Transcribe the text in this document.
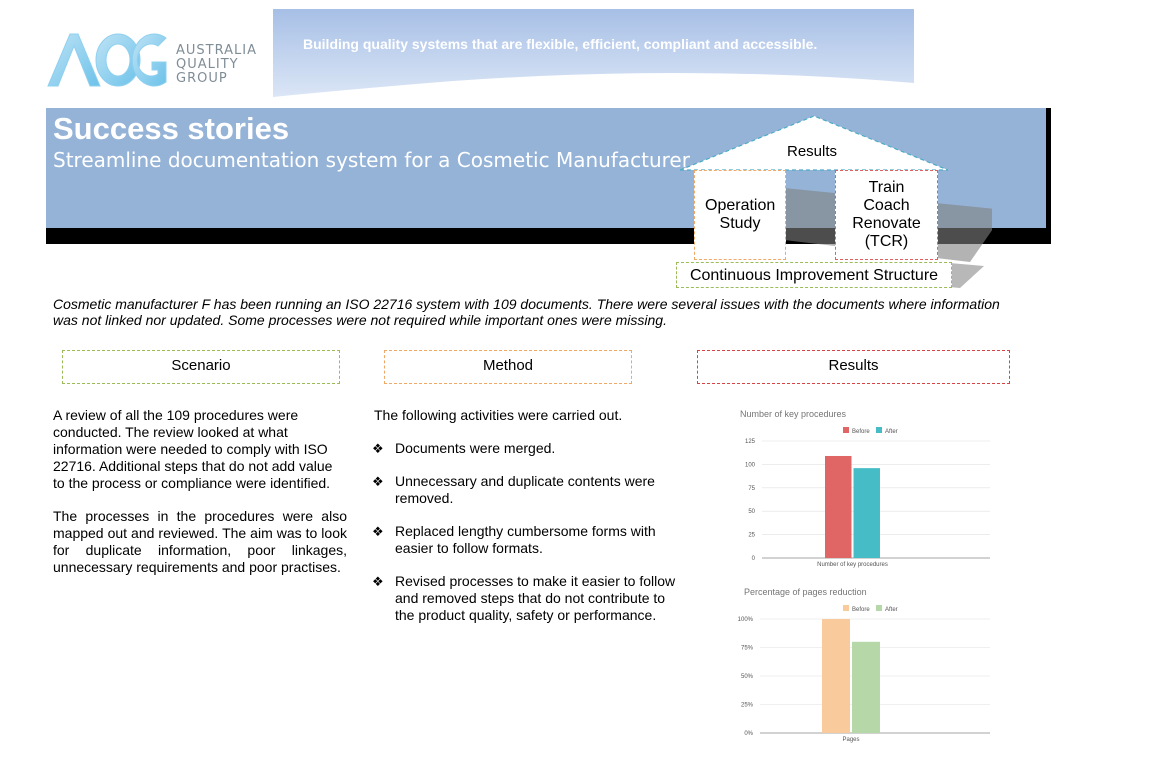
AUSTRALIA
QUALITY
GROUP
Building quality systems that are flexible, efficient, compliant and accessible.
Success stories
Streamline documentation system for a Cosmetic Manufacturer	Results
Operation Study
Train
Coach
Renovate
(TCR)
Continuous Improvement Structure
Cosmetic manufacturer F has been running an ISO 22716 system with 109 documents. There were several issues with the documents where information was not linked nor updated. Some processes were not required while important ones were missing.
Scenario	Method	Results
A review of all the 109 procedures were conducted. The review looked at what information were needed to comply with ISO 22716. Additional steps that do not add value to the process or compliance were identified.
The processes in the procedures were also mapped out and reviewed. The aim was to look for duplicate information, poor linkages, unnecessary requirements and poor practises.
The following activities were carried out.
❖ Documents were merged.
❖ Unnecessary and duplicate contents were removed.
❖ Replaced lengthy cumbersome forms with easier to follow formats.
❖ Revised processes to make it easier to follow and removed steps that do not contribute to the product quality, safety or performance.
Number of key procedures
Before	After
0
25
50
75
100
125
Number of key procedures
Percentage of pages reduction
Before	After
0%
25%
50%
75%
100%
Pages
